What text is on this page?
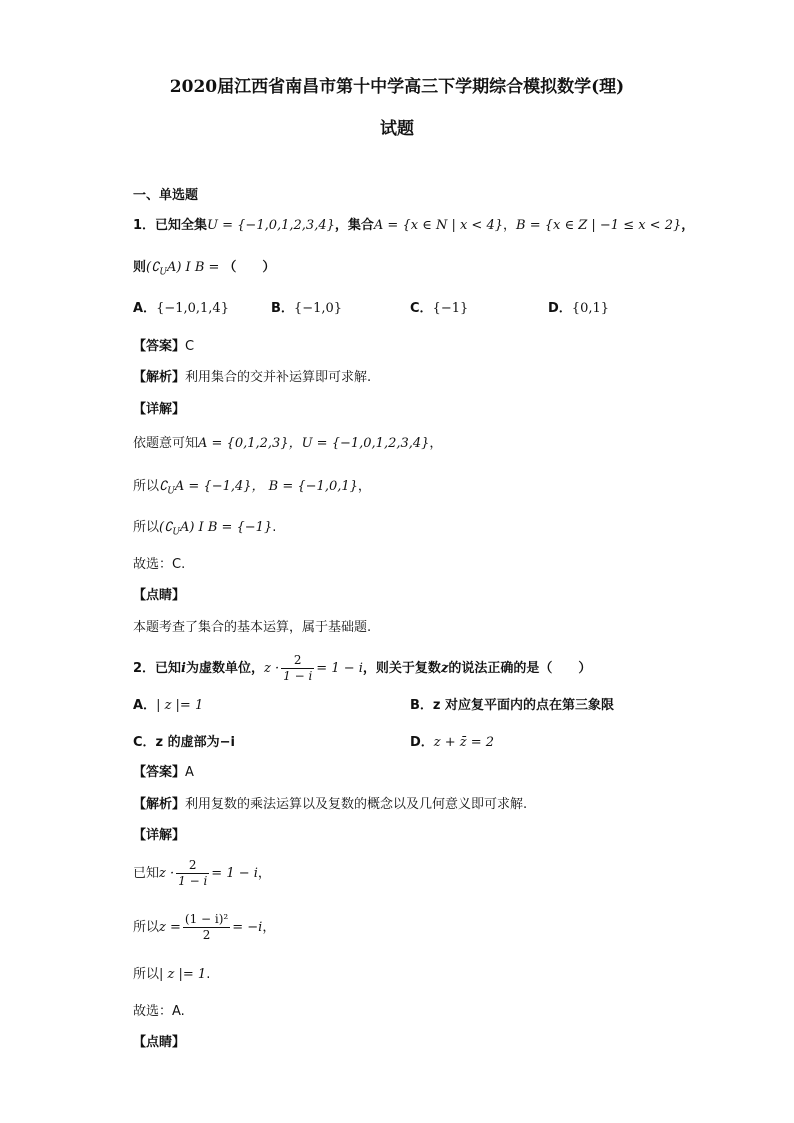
2020届江西省南昌市第十中学高三下学期综合模拟数学(理)
试题
一、单选题
1．已知全集U = {−1,0,1,2,3,4}，集合A = {x ∈ N | x < 4}，B = {x ∈ Z | −1 ≤ x < 2}，
则$(∁_UA)$ I B = （　　）
A．{−1,0,1,4}	B．{−1,0}	C．{−1}	D．{0,1}
【答案】C
【解析】利用集合的交并补运算即可求解.
【详解】
依题意可知A = {0,1,2,3}，U = {−1,0,1,2,3,4}，
所以$∁_UA = \{-1,4\}$， B = {−1,0,1}，
所以$(∁_UA)$ I B = {−1}.
故选：C.
【点睛】
本题考查了集合的基本运算，属于基础题.
2．已知i为虚数单位，$z \cdot \frac{2}{1 - i} = 1 - i$，则关于复数z的说法正确的是（　　）
A．| z |= 1	B．z 对应复平面内的点在第三象限
C．z 的虚部为−i	D．z + z̄ = 2
【答案】A
【解析】利用复数的乘法运算以及复数的概念以及几何意义即可求解.
【详解】
已知$z \cdot \frac{2}{1 - i} = 1 - i$，
所以$z = \frac{\text{(1 − i)²}}{2} = -i$，
所以| z |= 1.
故选：A.
【点睛】
